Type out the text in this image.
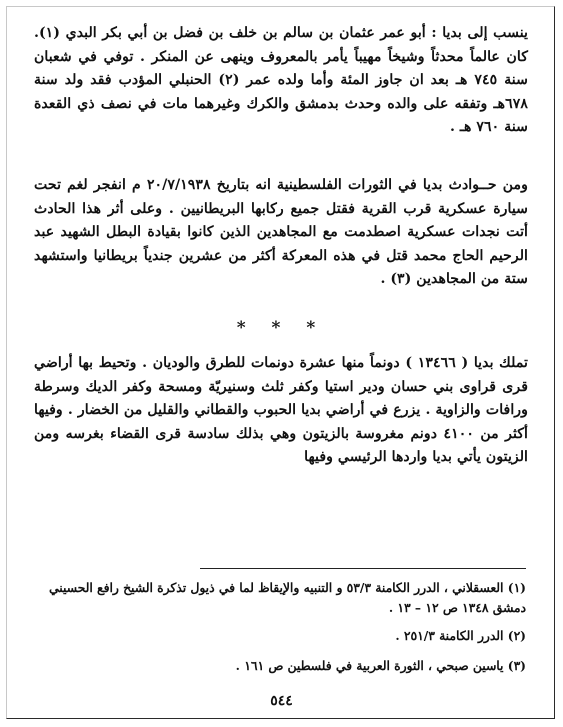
ينسب إلى بديا : أبو عمر عثمان بن سالم بن خلف بن فضل بن أبي بكر البدي (١). كان عالماً محدثاً وشيخاً مهيباً يأمر بالمعروف وينهى عن المنكر . توفي في شعبان سنة ٧٤٥ هـ بعد ان جاوز المئة وأما ولده عمر (٢) الحنبلي المؤدب فقد ولد سنة ٦٧٨هـ وتفقه على والده وحدث بدمشق والكرك وغيرهما مات في نصف ذي القعدة سنة ٧٦٠ هـ .

ومن حــوادث بديا في الثورات الفلسطينية انه بتاريخ ٢٠/٧/١٩٣٨ م انفجر لغم تحت سيارة عسكرية قرب القرية فقتل جميع ركابها البريطانيين . وعلى أثر هذا الحادث أتت نجدات عسكرية اصطدمت مع المجاهدين الذين كانوا بقيادة البطل الشهيد عبد الرحيم الحاج محمد قتل في هذه المعركة أكثر من عشرين جندياً بريطانيا واستشهد ستة من المجاهدين (٣) .

* * *

تملك بديا ( ١٣٤٦٦ ) دونماً منها عشرة دونمات للطرق والوديان . وتحيط بها أراضي قرى قراوى بني حسان ودير استيا وكفر ثلث وسنيريّة ومسحة وكفر الديك وسرطة ورافات والزاوية . يزرع في أراضي بديا الحبوب والقطاني والقليل من الخضار . وفيها أكثر من ٤١٠٠ دونم مغروسة بالزيتون وهي بذلك سادسة قرى القضاء بغرسه ومن الزيتون يأتي بديا واردها الرئيسي وفيها

(١) العسقلاني ، الدرر الكامنة ٥٣/٣ و التنبيه والإيقاظ لما في ذيول تذكرة الشيخ رافع الحسيني دمشق ١٣٤٨ ص ١٢ – ١٣ .

(٢) الدرر الكامنة ٢٥١/٣ .

(٣) ياسين صبحي ، الثورة العربية في فلسطين ص ١٦١ .

٥٤٤
